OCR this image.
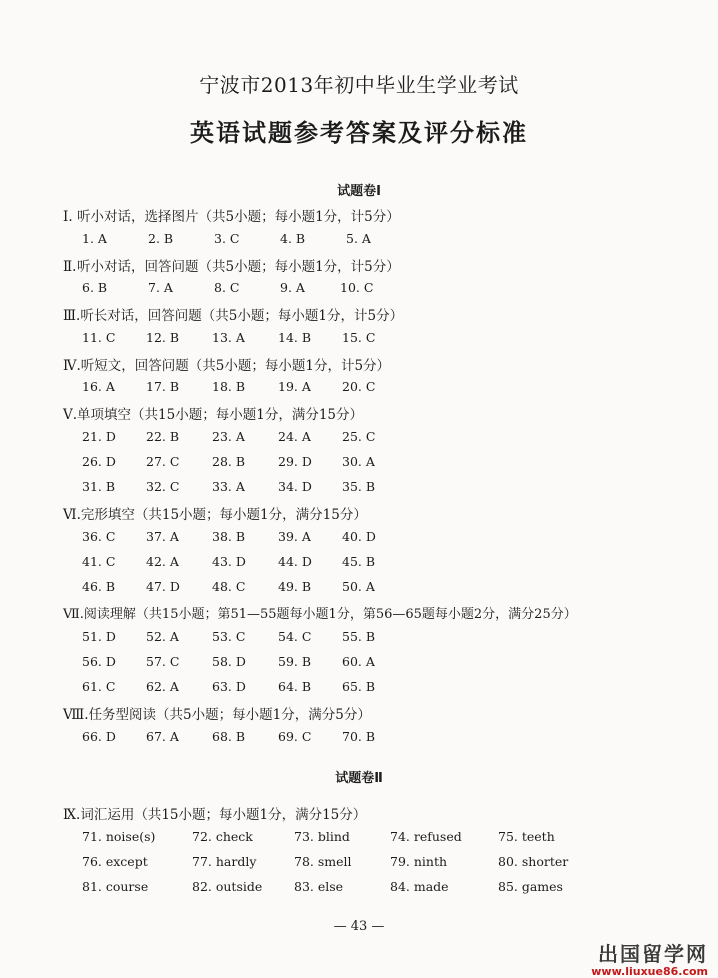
宁波市2013年初中毕业生学业考试
英语试题参考答案及评分标准
试题卷Ⅰ
Ⅰ. 听小对话，选择图片（共5小题；每小题1分，计5分）
1. A	2. B	3. C	4. B	5. A
Ⅱ.听小对话，回答问题（共5小题；每小题1分，计5分）
6. B	7. A	8. C	9. A	10. C
Ⅲ.听长对话，回答问题（共5小题；每小题1分，计5分）
11. C 12. B	13. A	14. B 15. C
Ⅳ.听短文，回答问题（共5小题；每小题1分，计5分）
16. A 17. B	18. B	19. A 20. C
Ⅴ.单项填空（共15小题；每小题1分，满分15分）
21. D 22. B	23. A	24. A 25. C
26. D 27. C	28. B	29. D 30. A
31. B 32. C	33. A	34. D 35. B
Ⅵ.完形填空（共15小题；每小题1分，满分15分）
36. C 37. A	38. B	39. A 40. D
41. C 42. A	43. D	44. D 45. B
46. B 47. D	48. C	49. B 50. A
Ⅶ.阅读理解（共15小题；第51—55题每小题1分，第56—65题每小题2分，满分25分）
51. D 52. A	53. C	54. C 55. B
56. D 57. C	58. D	59. B 60. A
61. C 62. A	63. D	64. B 65. B
Ⅷ.任务型阅读（共5小题；每小题1分，满分5分）
66. D 67. A	68. B	69. C 70. B
试题卷Ⅱ
Ⅸ.词汇运用（共15小题；每小题1分，满分15分）
71. noise(s)	72. check	73. blind	74. refused	75. teeth
76. except	77. hardly	78. smell	79. ninth	80. shorter
81. course	82. outside	83. else	84. made	85. games
— 43 —
出国留学网
www.liuxue86.com
